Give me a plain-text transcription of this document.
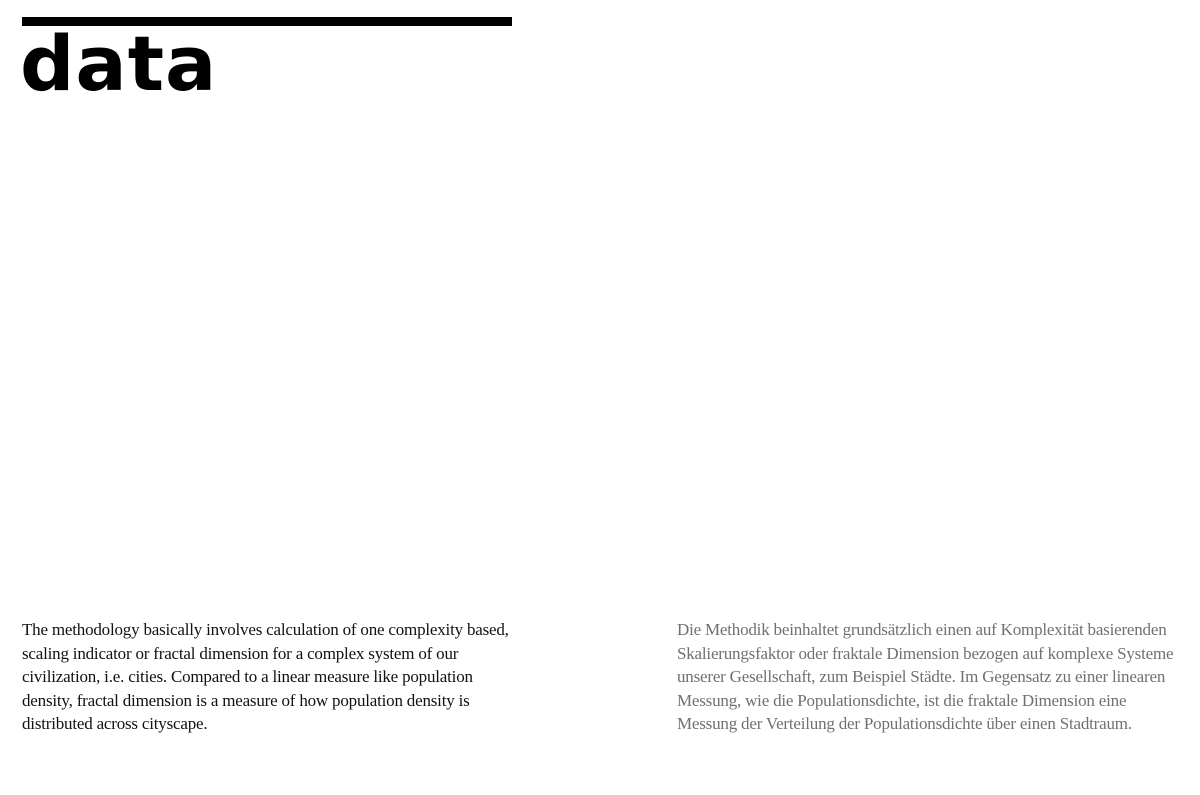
data

The methodology basically involves calculation of one complexity based, scaling indicator or fractal dimension for a complex system of our civilization, i.e. cities. Compared to a linear measure like population density, fractal dimension is a measure of how population density is distributed across cityscape.

Die Methodik beinhaltet grundsätzlich einen auf Komplexität basierenden Skalierungsfaktor oder fraktale Dimension bezogen auf komplexe Systeme unserer Gesellschaft, zum Beispiel Städte. Im Gegensatz zu einer linearen Messung, wie die Populationsdichte, ist die fraktale Dimension eine Messung der Verteilung der Populationsdichte über einen Stadtraum.
